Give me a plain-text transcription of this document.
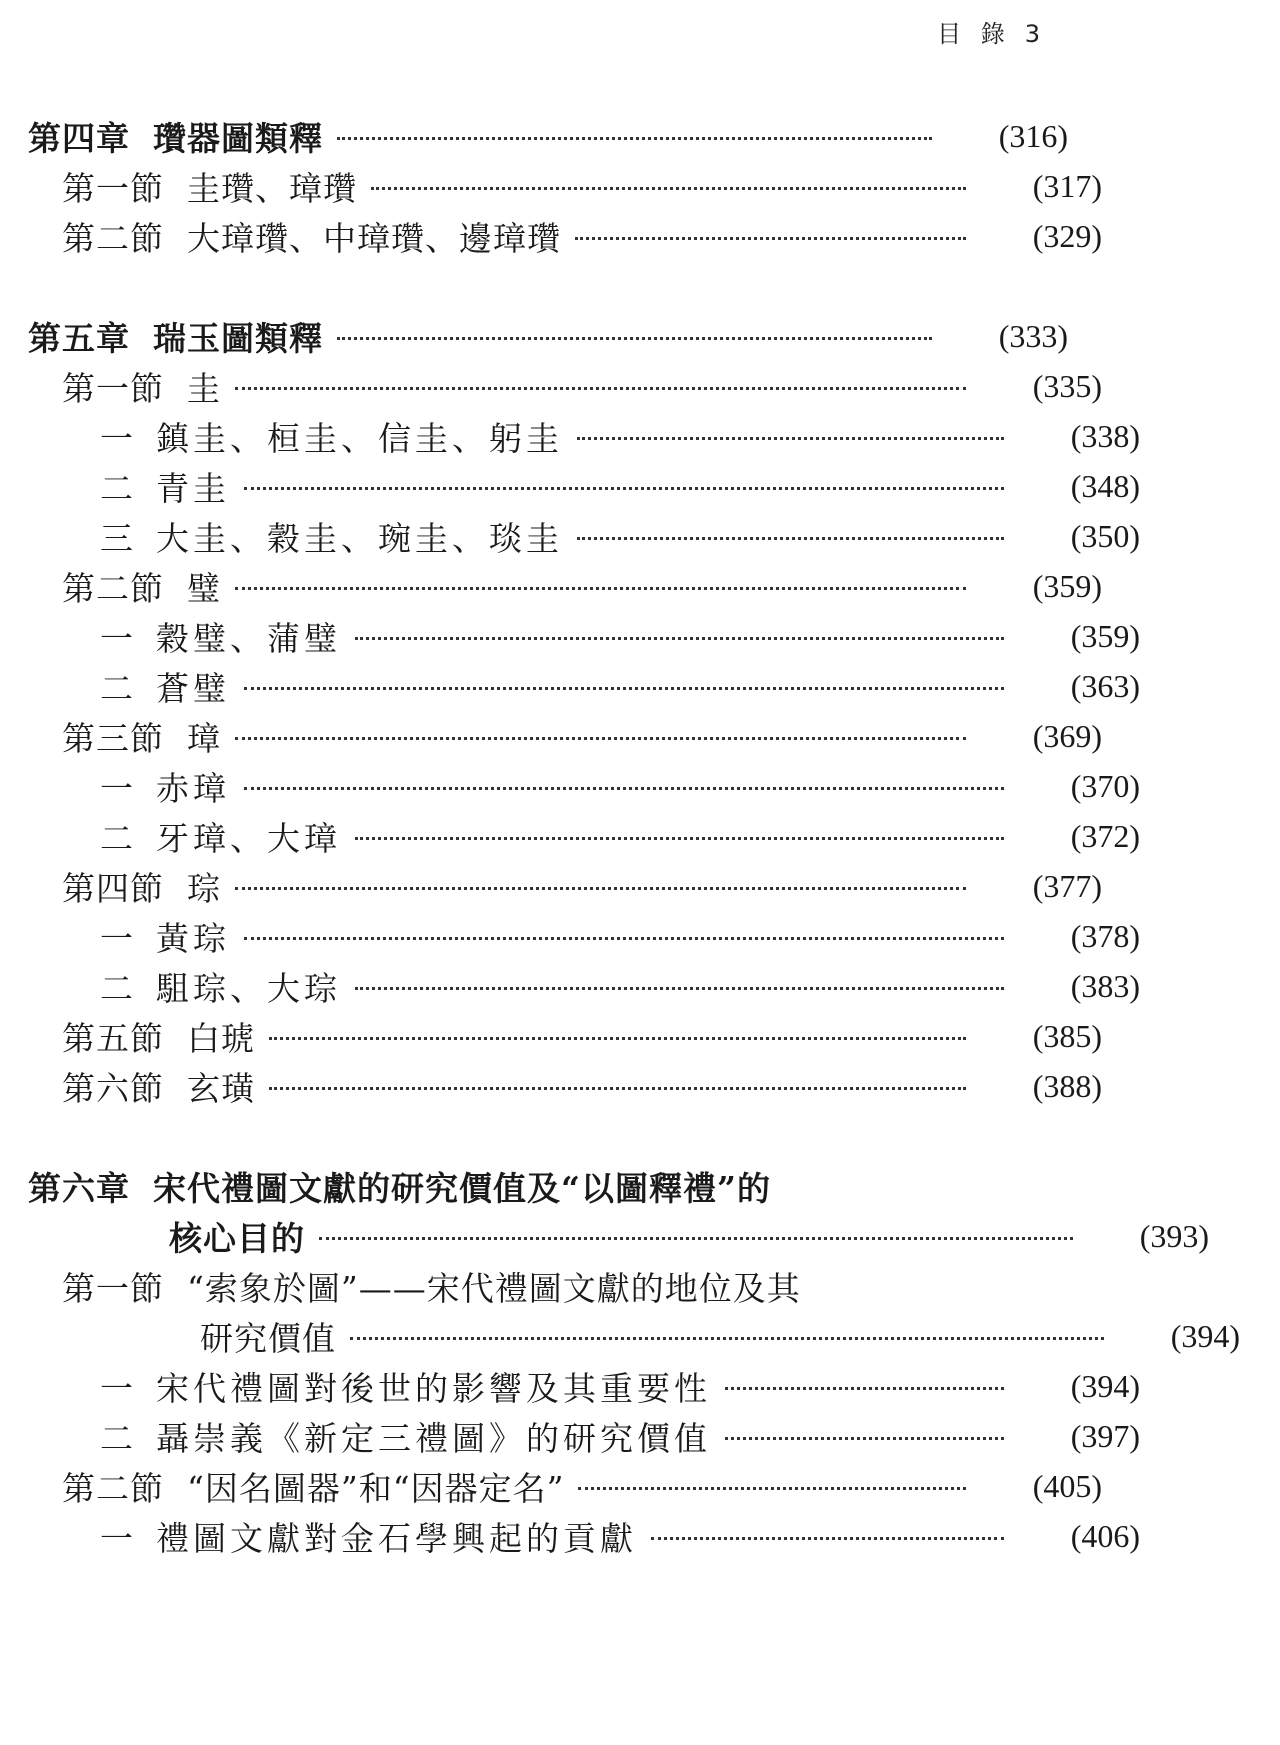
目 錄 3
第四章 瓚器圖類釋	(316)
第一節 圭瓚、璋瓚	(317)
第二節 大璋瓚、中璋瓚、邊璋瓚	(329)
第五章 瑞玉圖類釋	(333)
第一節 圭	(335)
一 鎮圭、桓圭、信圭、躬圭	(338)
二 青圭	(348)
三 大圭、穀圭、琬圭、琰圭	(350)
第二節 璧	(359)
一 穀璧、蒲璧	(359)
二 蒼璧	(363)
第三節 璋	(369)
一 赤璋	(370)
二 牙璋、大璋	(372)
第四節 琮	(377)
一 黃琮	(378)
二 駔琮、大琮	(383)
第五節 白琥	(385)
第六節 玄璜	(388)
第六章 宋代禮圖文獻的研究價值及“以圖釋禮”的
核心目的	(393)
第一節 “索象於圖”——宋代禮圖文獻的地位及其
研究價值	(394)
一 宋代禮圖對後世的影響及其重要性	(394)
二 聶崇義《新定三禮圖》的研究價值	(397)
第二節 “因名圖器”和“因器定名”	(405)
一 禮圖文獻對金石學興起的貢獻	(406)
